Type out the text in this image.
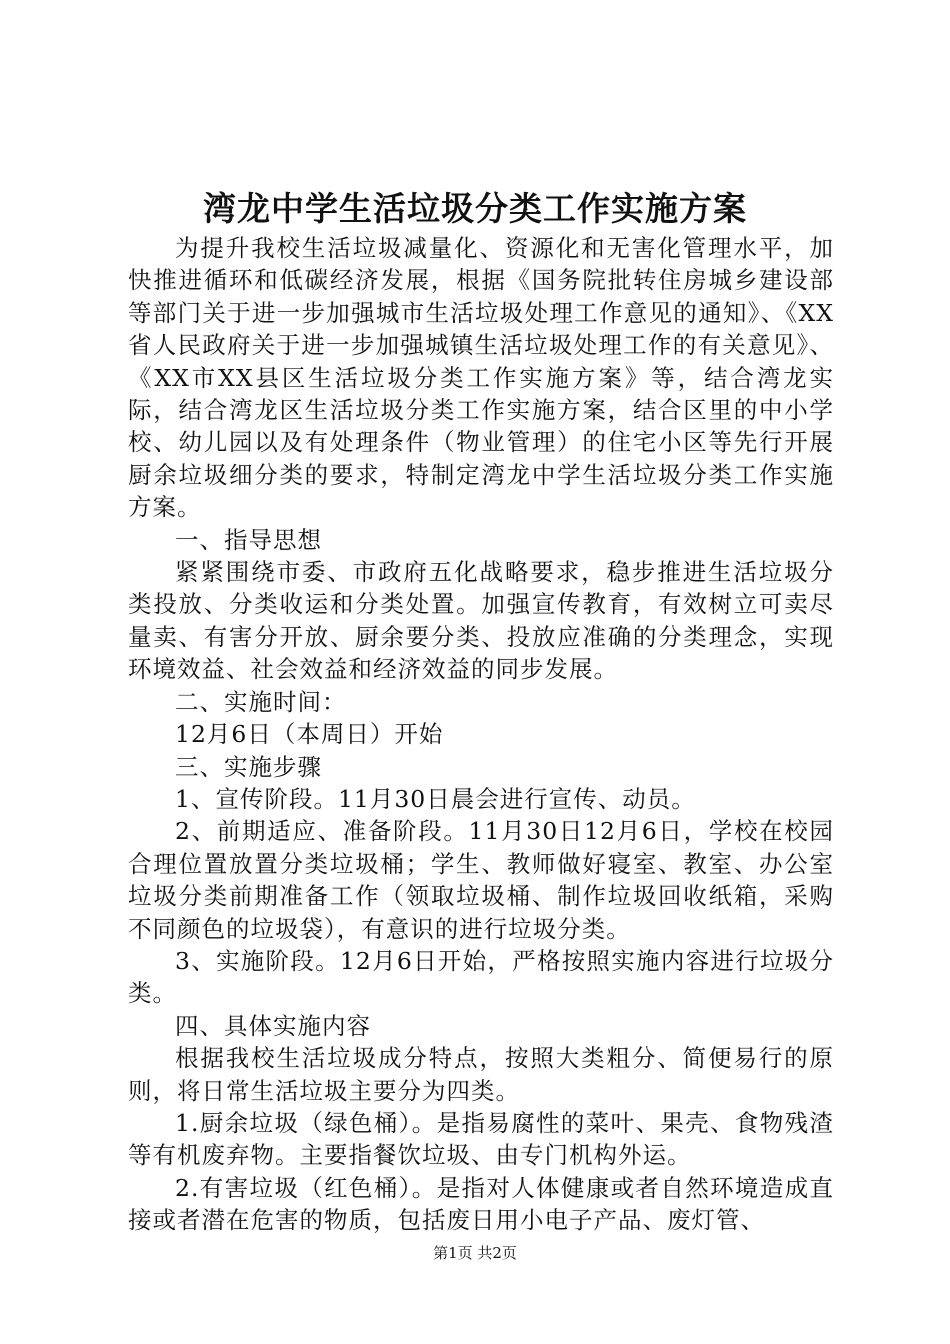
湾龙中学生活垃圾分类工作实施方案

为提升我校生活垃圾减量化、资源化和无害化管理水平，加快推进循环和低碳经济发展，根据《国务院批转住房城乡建设部等部门关于进一步加强城市生活垃圾处理工作意见的通知》、《XX省人民政府关于进一步加强城镇生活垃圾处理工作的有关意见》、《XX市XX县区生活垃圾分类工作实施方案》等，结合湾龙实际，结合湾龙区生活垃圾分类工作实施方案，结合区里的中小学校、幼儿园以及有处理条件（物业管理）的住宅小区等先行开展厨余垃圾细分类的要求，特制定湾龙中学生活垃圾分类工作实施方案。

一、指导思想

紧紧围绕市委、市政府五化战略要求，稳步推进生活垃圾分类投放、分类收运和分类处置。加强宣传教育，有效树立可卖尽量卖、有害分开放、厨余要分类、投放应准确的分类理念，实现环境效益、社会效益和经济效益的同步发展。

二、实施时间：

12月6日（本周日）开始

三、实施步骤

1、宣传阶段。11月30日晨会进行宣传、动员。

2、前期适应、准备阶段。11月30日12月6日，学校在校园合理位置放置分类垃圾桶；学生、教师做好寝室、教室、办公室垃圾分类前期准备工作（领取垃圾桶、制作垃圾回收纸箱，采购不同颜色的垃圾袋），有意识的进行垃圾分类。

3、实施阶段。12月6日开始，严格按照实施内容进行垃圾分类。

四、具体实施内容

根据我校生活垃圾成分特点，按照大类粗分、简便易行的原则，将日常生活垃圾主要分为四类。

1.厨余垃圾（绿色桶）。是指易腐性的菜叶、果壳、食物残渣等有机废弃物。主要指餐饮垃圾、由专门机构外运。

2.有害垃圾（红色桶）。是指对人体健康或者自然环境造成直接或者潜在危害的物质，包括废日用小电子产品、废灯管、

第1页 共2页
